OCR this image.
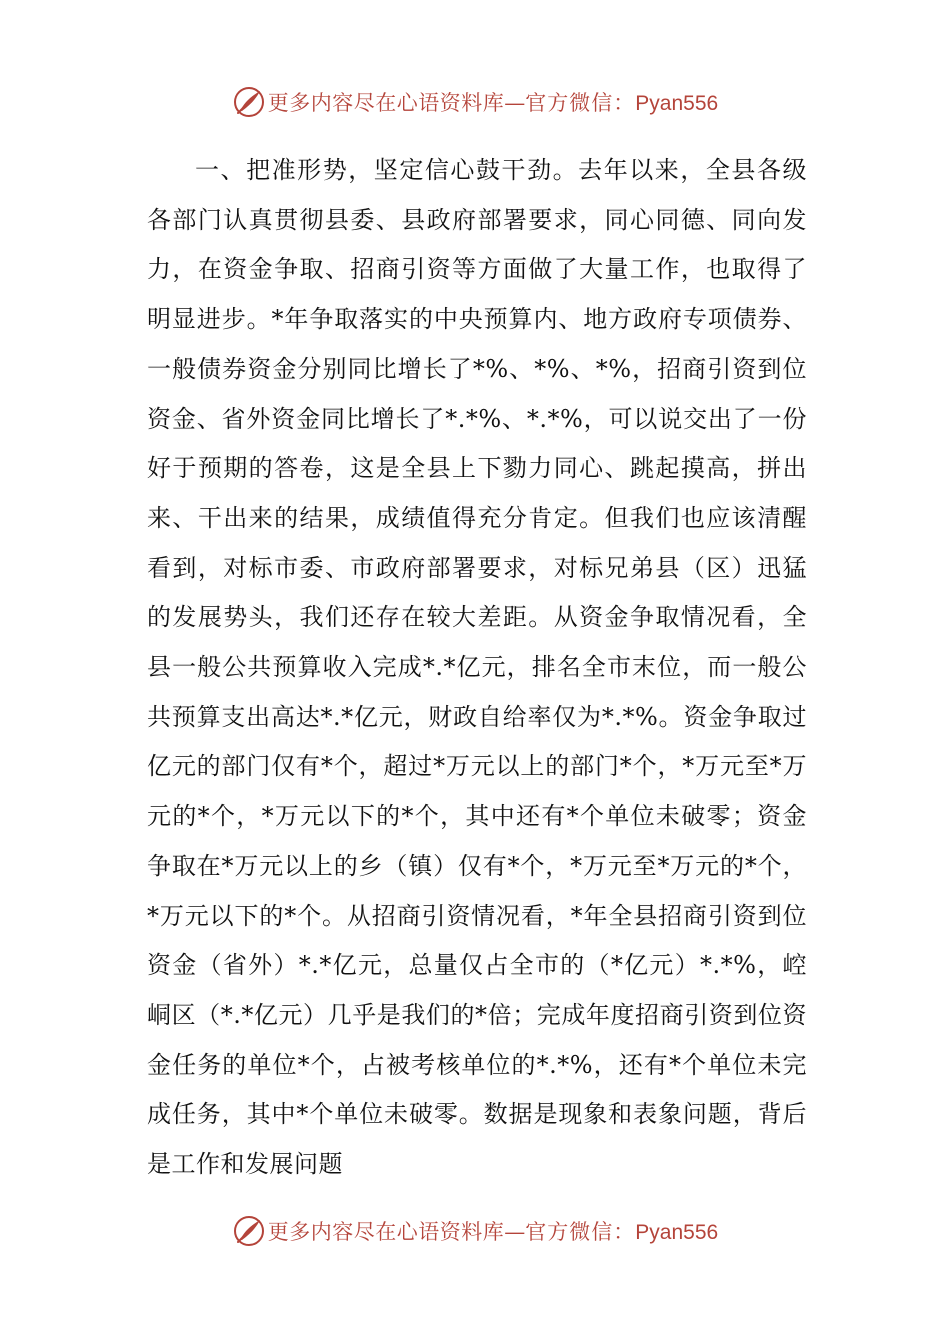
更多内容尽在心语资料库 — 官方微信： Pyan556

一、把准形势，坚定信心鼓干劲。去年以来，全县各级各部门认真贯彻县委、县政府部署要求，同心同德、同向发力，在资金争取、招商引资等方面做了大量工作，也取得了明显进步。*年争取落实的中央预算内、地方政府专项债券、一般债券资金分别同比增长了*%、*%、*%，招商引资到位资金、省外资金同比增长了*.*%、*.*%，可以说交出了一份好于预期的答卷，这是全县上下勠力同心、跳起摸高，拼出来、干出来的结果，成绩值得充分肯定。但我们也应该清醒看到，对标市委、市政府部署要求，对标兄弟县（区）迅猛的发展势头，我们还存在较大差距。从资金争取情况看，全县一般公共预算收入完成*.*亿元，排名全市末位，而一般公共预算支出高达*.*亿元，财政自给率仅为*.*%。资金争取过亿元的部门仅有*个，超过*万元以上的部门*个，*万元至*万元的*个，*万元以下的*个，其中还有*个单位未破零；资金争取在*万元以上的乡（镇）仅有*个，*万元至*万元的*个，*万元以下的*个。从招商引资情况看，*年全县招商引资到位资金（省外）*.*亿元，总量仅占全市的（*亿元）*.*%，崆峒区（*.*亿元）几乎是我们的*倍；完成年度招商引资到位资金任务的单位*个，占被考核单位的*.*%，还有*个单位未完成任务，其中*个单位未破零。数据是现象和表象问题，背后是工作和发展问题

更多内容尽在心语资料库 — 官方微信： Pyan556
